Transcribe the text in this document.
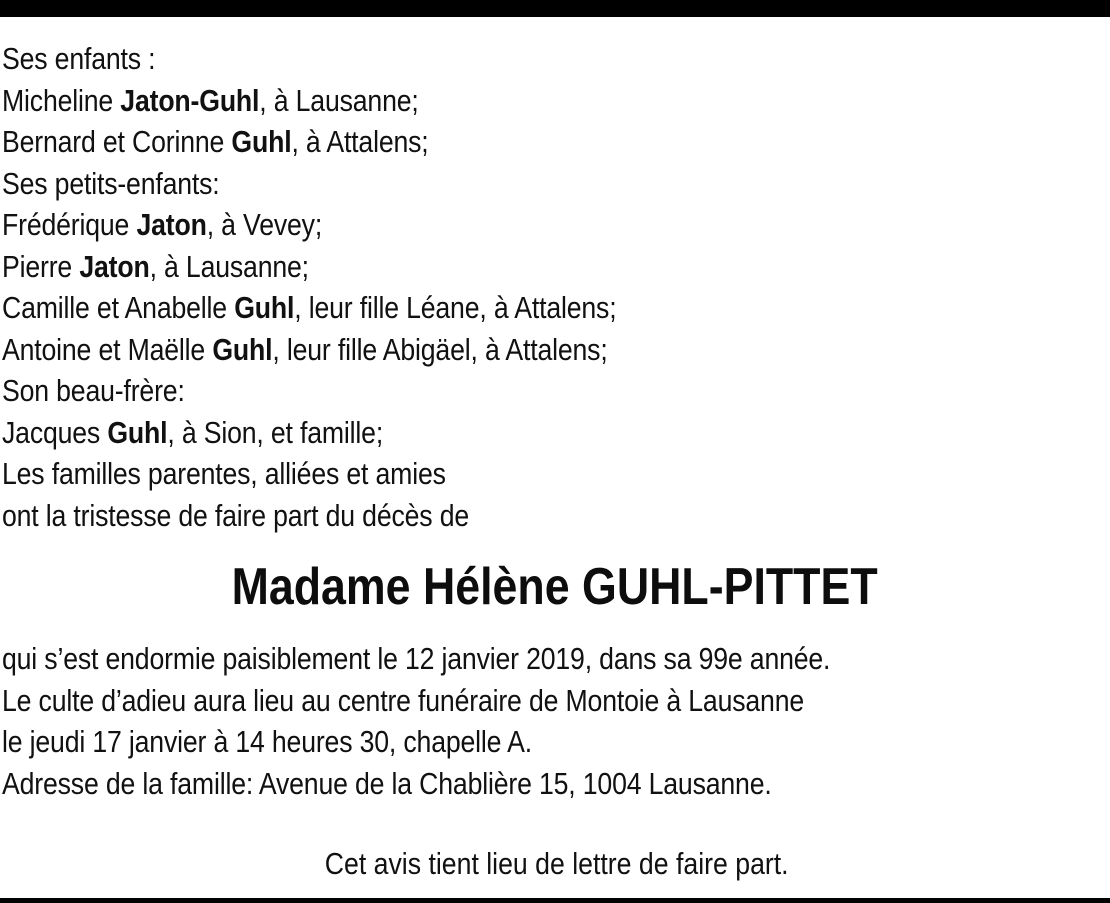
Ses enfants :
Micheline Jaton-Guhl, à Lausanne;
Bernard et Corinne Guhl, à Attalens;
Ses petits-enfants:
Frédérique Jaton, à Vevey;
Pierre Jaton, à Lausanne;
Camille et Anabelle Guhl, leur fille Léane, à Attalens;
Antoine et Maëlle Guhl, leur fille Abigäel, à Attalens;
Son beau-frère:
Jacques Guhl, à Sion, et famille;
Les familles parentes, alliées et amies
ont la tristesse de faire part du décès de
Madame Hélène GUHL-PITTET
qui s’est endormie paisiblement le 12 janvier 2019, dans sa 99e année.
Le culte d’adieu aura lieu au centre funéraire de Montoie à Lausanne
le jeudi 17 janvier à 14 heures 30, chapelle A.
Adresse de la famille: Avenue de la Chablière 15, 1004 Lausanne.
Cet avis tient lieu de lettre de faire part.
